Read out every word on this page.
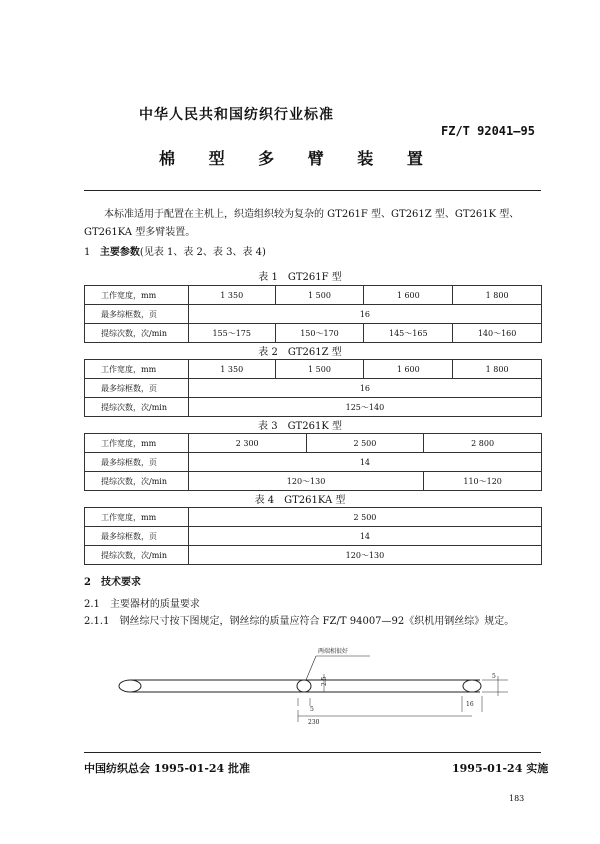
中华人民共和国纺织行业标准
FZ/T 92041—95
棉 型 多 臂 装 置
本标准适用于配置在主机上，织造组织较为复杂的 GT261F 型、GT261Z 型、GT261K 型、GT261KA 型多臂装置。
1 主要参数(见表 1、表 2、表 3、表 4)
表 1　GT261F 型
工作宽度，mm	1 350	1 500	1 600	1 800
最多综框数，页	16			
提综次数，次/min	155～175	150～170	145～165	140～160
表 2　GT261Z 型
工作宽度，mm	1 350	1 500	1 600	1 800
最多综框数，页	16			
提综次数，次/min	125～140			
表 3　GT261K 型
工作宽度，mm	2 300	2 500	2 800
最多综框数，页	14		
提综次数，次/min	120～130		110～120
表 4　GT261KA 型
工作宽度，mm	2 500
最多综框数，页	14
提综次数，次/min	120～130
2　技术要求
2.1　主要器材的质量要求
2.1.1　钢丝综尺寸按下图规定，钢丝综的质量应符合 FZ/T 94007—92《织机用钢丝综》规定。
两端相很好
2.5
5
230
5
16
中国纺织总会 1995-01-24 批准	1995-01-24 实施
183
